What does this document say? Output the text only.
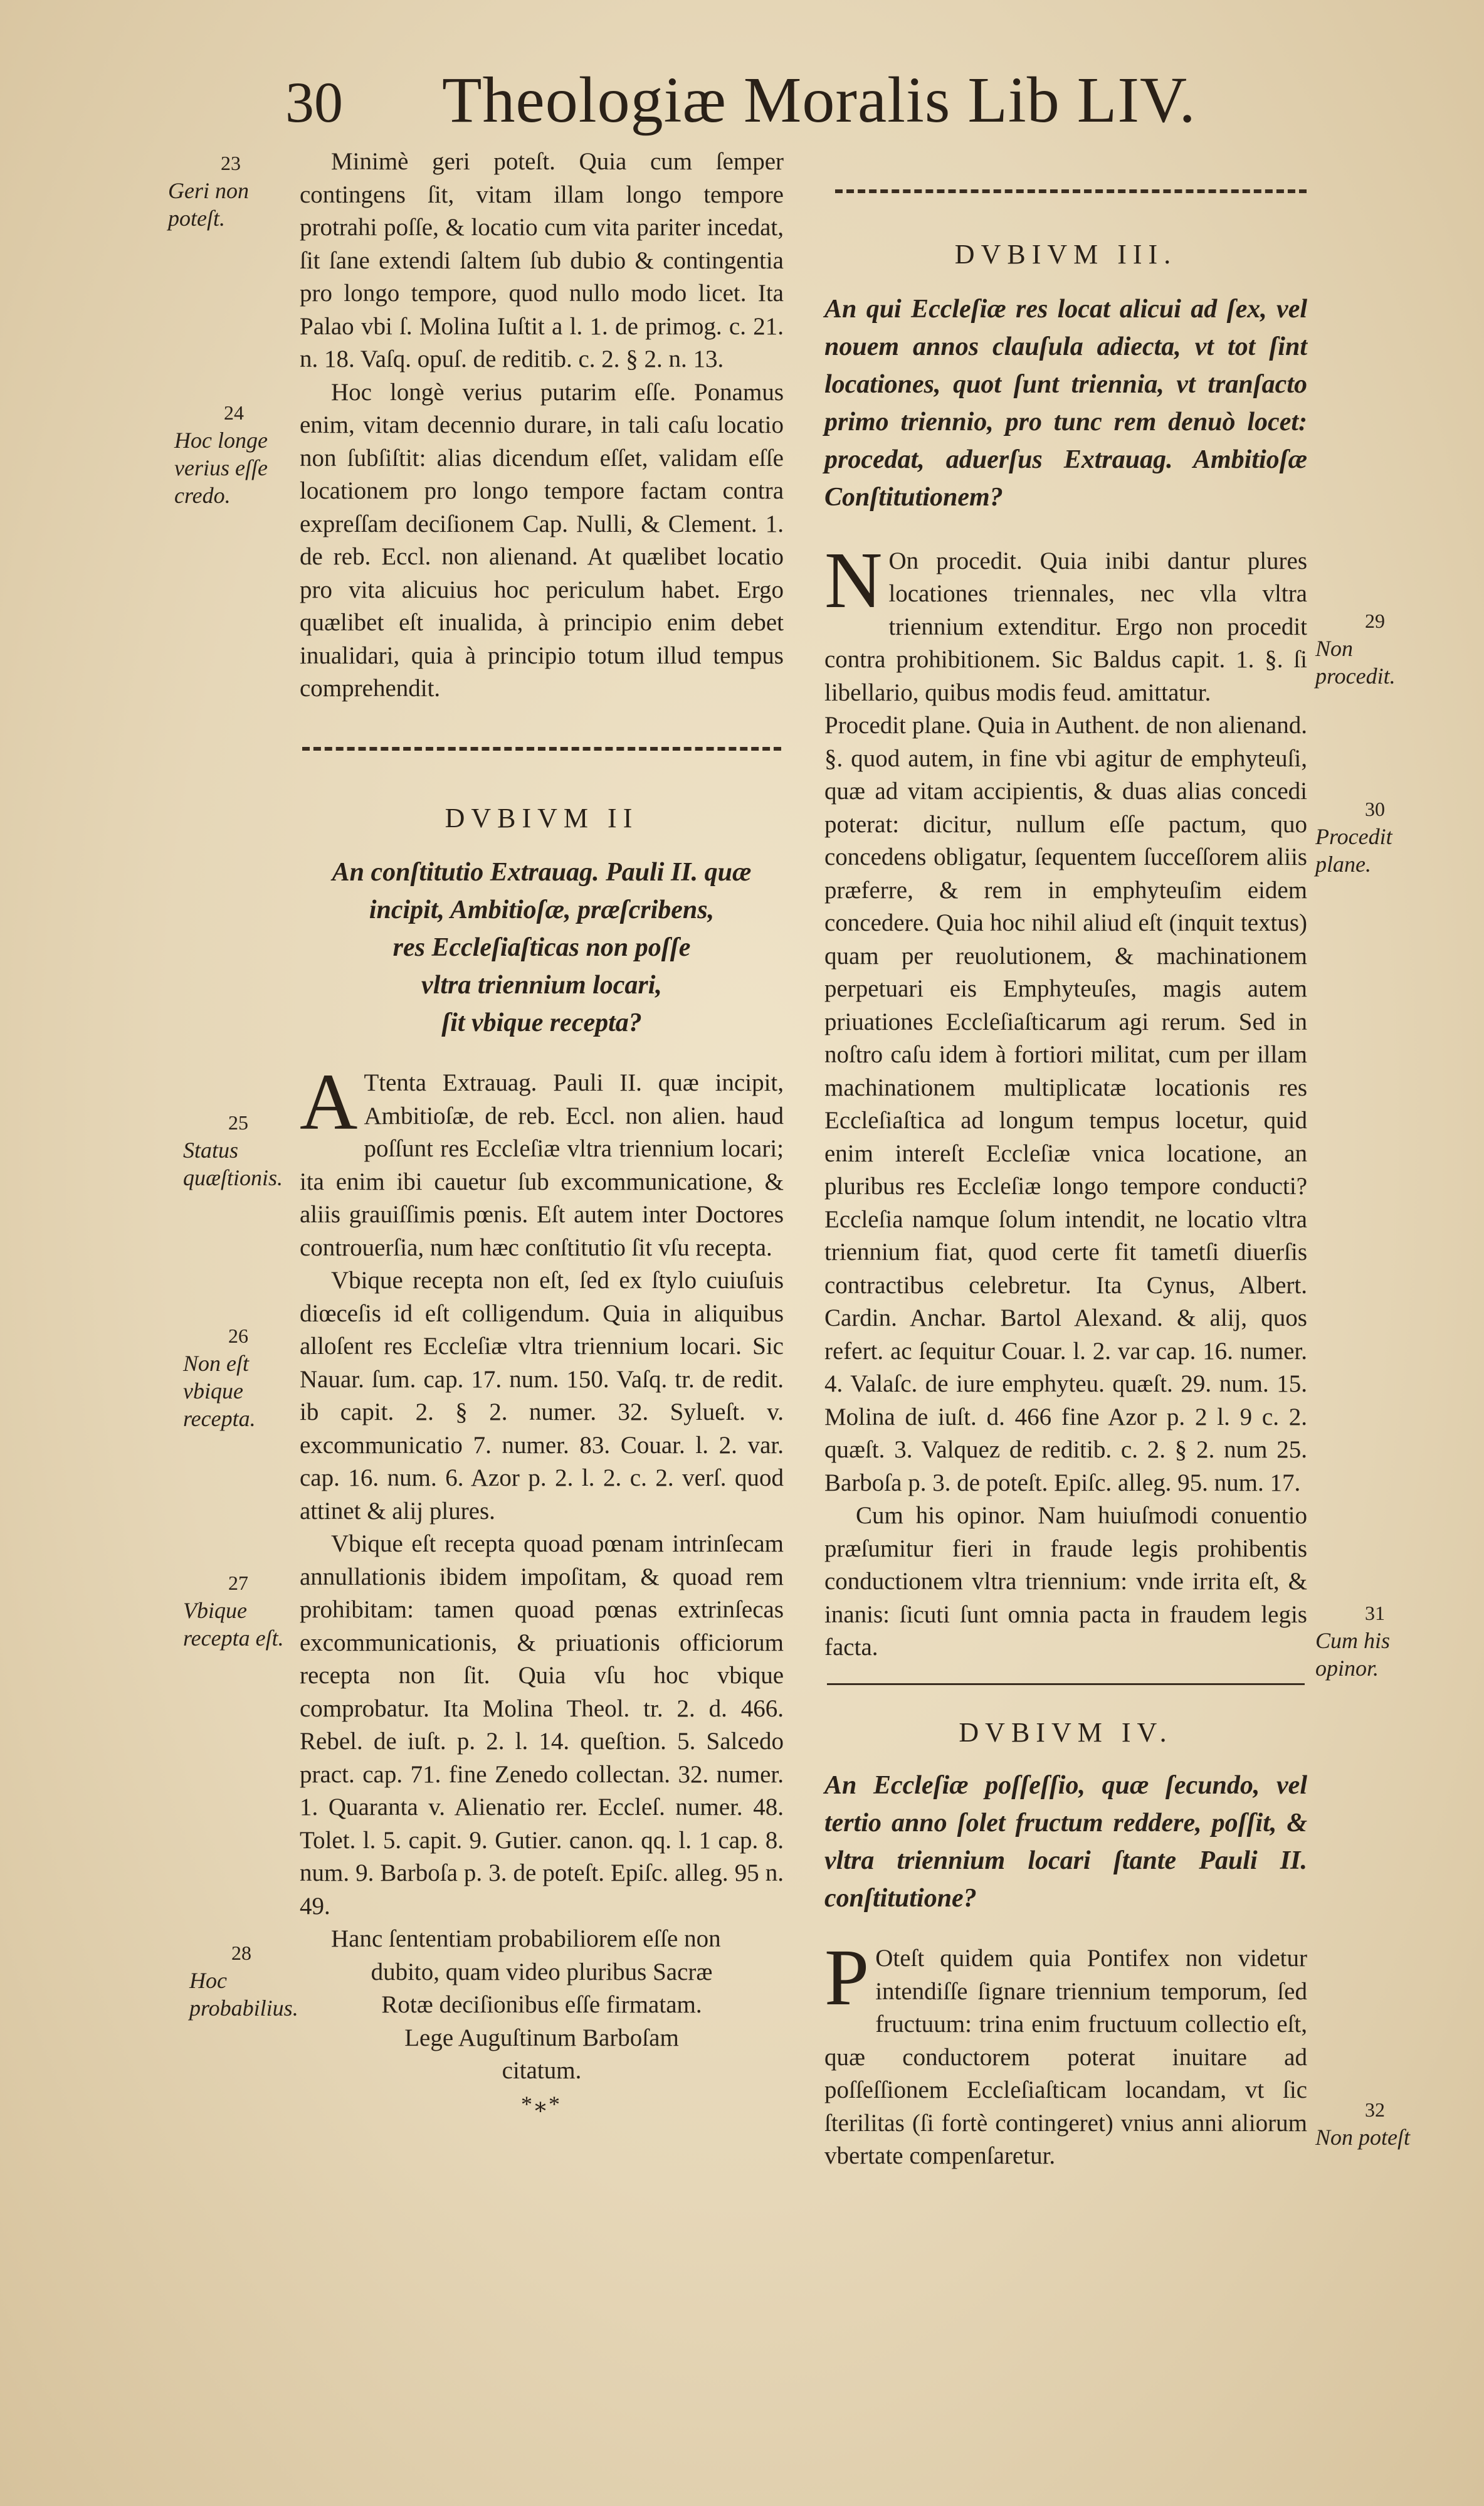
30 Theologiæ Moralis Lib LIV.
23
Geri non poteſt.
24
Hoc longe verius eſſe credo.
25
Status quæſtionis.
26
Non eſt vbique recepta.
27
Vbique recepta eſt.
28
Hoc probabilius.

Minimè geri poteſt. Quia cum ſemper contingens ſit, vitam illam longo tempore protrahi poſſe, & locatio cum vita pariter incedat, ſit ſane extendi ſaltem ſub dubio & contingentia pro longo tempore, quod nullo modo licet. Ita Palao vbi ſ. Molina Iuſtit a l. 1. de primog. c. 21. n. 18. Vaſq. opuſ. de reditib. c. 2. § 2. n. 13.

Hoc longè verius putarim eſſe. Ponamus enim, vitam decennio durare, in tali caſu locatio non ſubſiſtit: alias dicendum eſſet, validam eſſe locationem pro longo tempore factam contra expreſſam deciſionem Cap. Nulli, & Clement. 1. de reb. Eccl. non alienand. At quælibet locatio pro vita alicuius hoc periculum habet. Ergo quælibet eſt inualida, à principio enim debet inualidari, quia à principio totum illud tempus comprehendit.

DVBIVM II

An conſtitutio Extrauag. Pauli II. quæ

incipit, Ambitioſæ, præſcribens,

res Eccleſiaſticas non poſſe

vltra triennium locari,

ſit vbique recepta?

A Ttenta Extrauag. Pauli II. quæ incipit, Ambitioſæ, de reb. Eccl. non alien. haud poſſunt res Eccleſiæ vltra triennium locari; ita enim ibi cauetur ſub excommunicatione, & aliis grauiſſimis pœnis. Eſt autem inter Doctores controuerſia, num hæc conſtitutio ſit vſu recepta.

Vbique recepta non eſt, ſed ex ſtylo cuiuſuis diœceſis id eſt colligendum. Quia in aliquibus alloſent res Eccleſiæ vltra triennium locari. Sic Nauar. ſum. cap. 17. num. 150. Vaſq. tr. de redit. ib capit. 2. § 2. numer. 32. Sylueſt. v. excommunicatio 7. numer. 83. Couar. l. 2. var. cap. 16. num. 6. Azor p. 2. l. 2. c. 2. verſ. quod attinet & alij plures.

Vbique eſt recepta quoad pœnam intrinſecam annullationis ibidem impoſitam, & quoad rem prohibitam: tamen quoad pœnas extrinſecas excommunicationis, & priuationis officiorum recepta non ſit. Quia vſu hoc vbique comprobatur. Ita Molina Theol. tr. 2. d. 466. Rebel. de iuſt. p. 2. l. 14. queſtion. 5. Salcedo pract. cap. 71. fine Zenedo collectan. 32. numer. 1. Quaranta v. Alienatio rer. Eccleſ. numer. 48. Tolet. l. 5. capit. 9. Gutier. canon. qq. l. 1 cap. 8. num. 9. Barboſa p. 3. de poteſt. Epiſc. alleg. 95 n. 49.

Hanc ſententiam probabiliorem eſſe non

dubito, quam video pluribus Sacræ

Rotæ deciſionibus eſſe firmatam.

Lege Auguſtinum Barboſam

citatum.

*⁎*

29
Non procedit.
30
Procedit plane.
31
Cum his opinor.
32
Non poteſt

DVBIVM III.

An qui Eccleſiæ res locat alicui ad ſex, vel nouem annos clauſula adiecta, vt tot ſint locationes, quot ſunt triennia, vt tranſacto primo triennio, pro tunc rem denuò locet: procedat, aduerſus Extrauag. Ambitioſæ Conſtitutionem?

N On procedit. Quia inibi dantur plures locationes triennales, nec vlla vltra triennium extenditur. Ergo non procedit contra prohibitionem. Sic Baldus capit. 1. §. ſi libellario, quibus modis feud. amittatur.

Procedit plane. Quia in Authent. de non alienand. §. quod autem, in fine vbi agitur de emphyteuſi, quæ ad vitam accipientis, & duas alias concedi poterat: dicitur, nullum eſſe pactum, quo concedens obligatur, ſequentem ſucceſſorem aliis præferre, & rem in emphyteuſim eidem concedere. Quia hoc nihil aliud eſt (inquit textus) quam per reuolutionem, & machinationem perpetuari eis Emphyteuſes, magis autem priuationes Eccleſiaſticarum agi rerum. Sed in noſtro caſu idem à fortiori militat, cum per illam machinationem multiplicatæ locationis res Eccleſiaſtica ad longum tempus locetur, quid enim intereſt Eccleſiæ vnica locatione, an pluribus res Eccleſiæ longo tempore conducti? Eccleſia namque ſolum intendit, ne locatio vltra triennium fiat, quod certe fit tametſi diuerſis contractibus celebretur. Ita Cynus, Albert. Cardin. Anchar. Bartol Alexand. & alij, quos refert. ac ſequitur Couar. l. 2. var cap. 16. numer. 4. Valaſc. de iure emphyteu. quæſt. 29. num. 15. Molina de iuſt. d. 466 fine Azor p. 2 l. 9 c. 2. quæſt. 3. Valquez de reditib. c. 2. § 2. num 25. Barboſa p. 3. de poteſt. Epiſc. alleg. 95. num. 17.

Cum his opinor. Nam huiuſmodi conuentio præſumitur fieri in fraude legis prohibentis conductionem vltra triennium: vnde irrita eſt, & inanis: ſicuti ſunt omnia pacta in fraudem legis facta.

DVBIVM IV.

An Eccleſiæ poſſeſſio, quæ ſecundo, vel tertio anno ſolet fructum reddere, poſſit, & vltra triennium locari ſtante Pauli II. conſtitutione?

P Oteſt quidem quia Pontifex non videtur intendiſſe ſignare triennium temporum, ſed fructuum: trina enim fructuum collectio eſt, quæ conductorem poterat inuitare ad poſſeſſionem Eccleſiaſticam locandam, vt ſic ſterilitas (ſi fortè contingeret) vnius anni aliorum vbertate compenſaretur.
